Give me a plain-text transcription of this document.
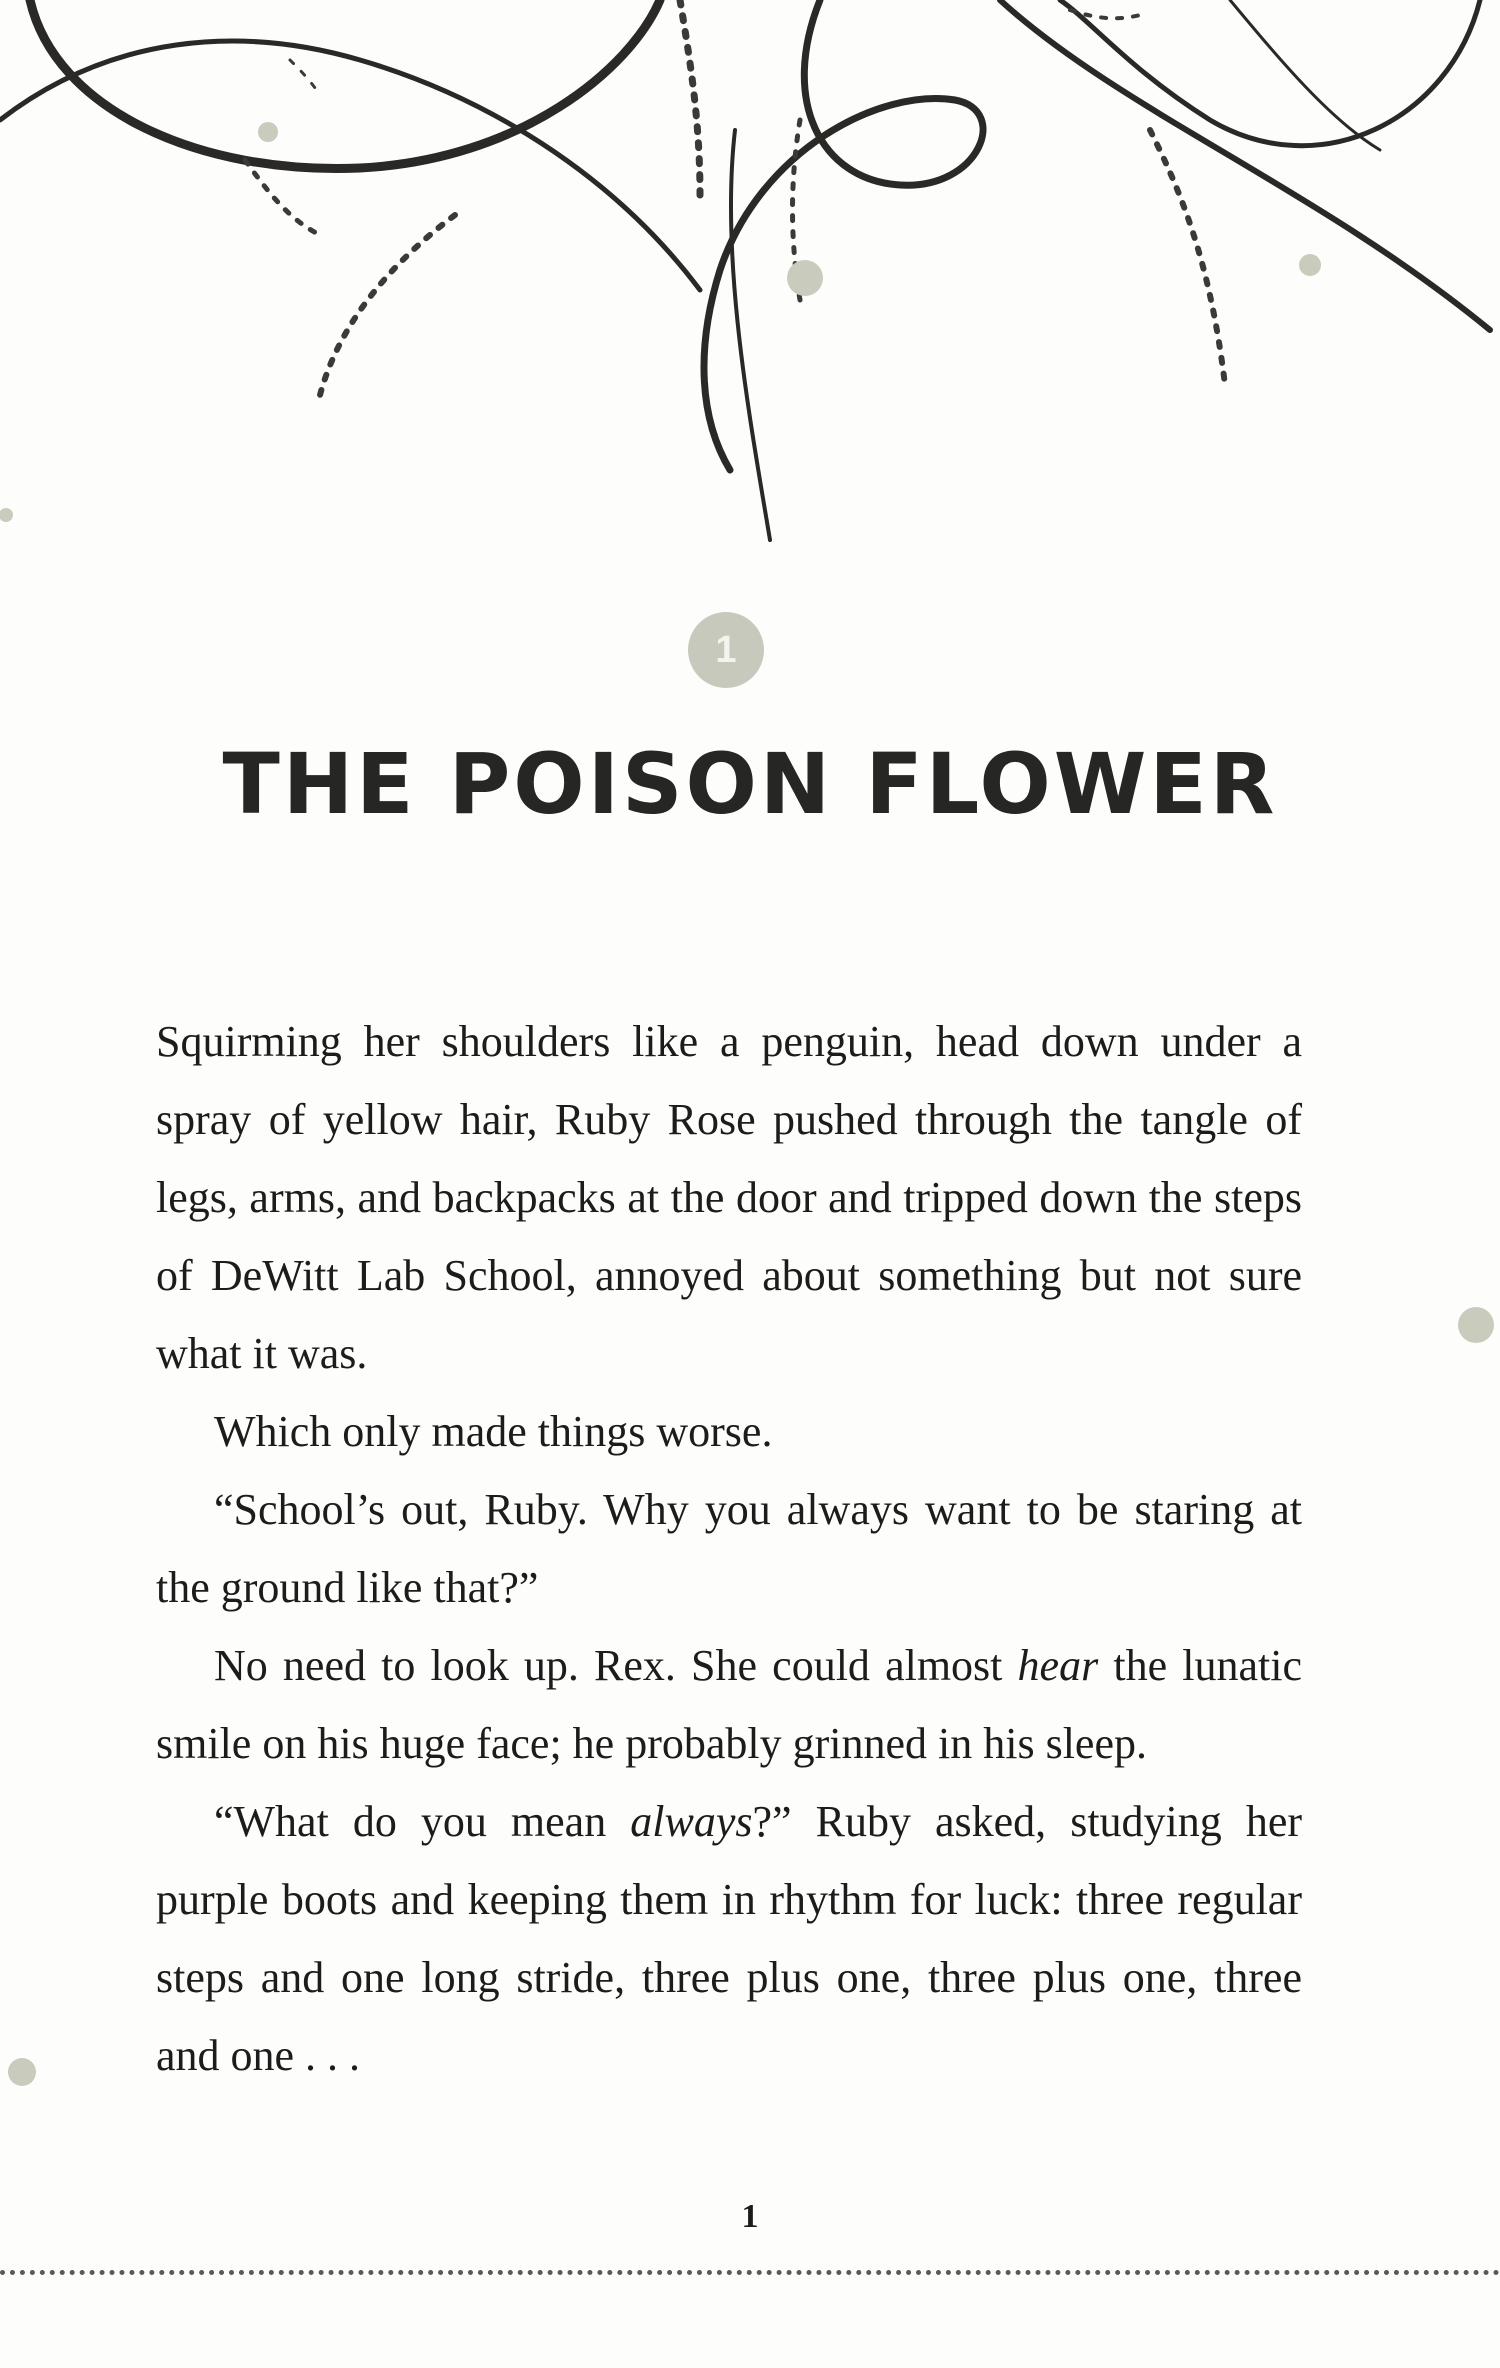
1
THE POISON FLOWER

Squirming her shoulders like a penguin, head down under a spray of yellow hair, Ruby Rose pushed through the tangle of legs, arms, and backpacks at the door and tripped down the steps of DeWitt Lab School, annoyed about something but not sure what it was.

Which only made things worse.

“School’s out, Ruby. Why you always want to be staring at the ground like that?”

No need to look up. Rex. She could almost hear the lunatic smile on his huge face; he probably grinned in his sleep.

“What do you mean always?” Ruby asked, studying her purple boots and keeping them in rhythm for luck: three regular steps and one long stride, three plus one, three plus one, three and one . . .

1
